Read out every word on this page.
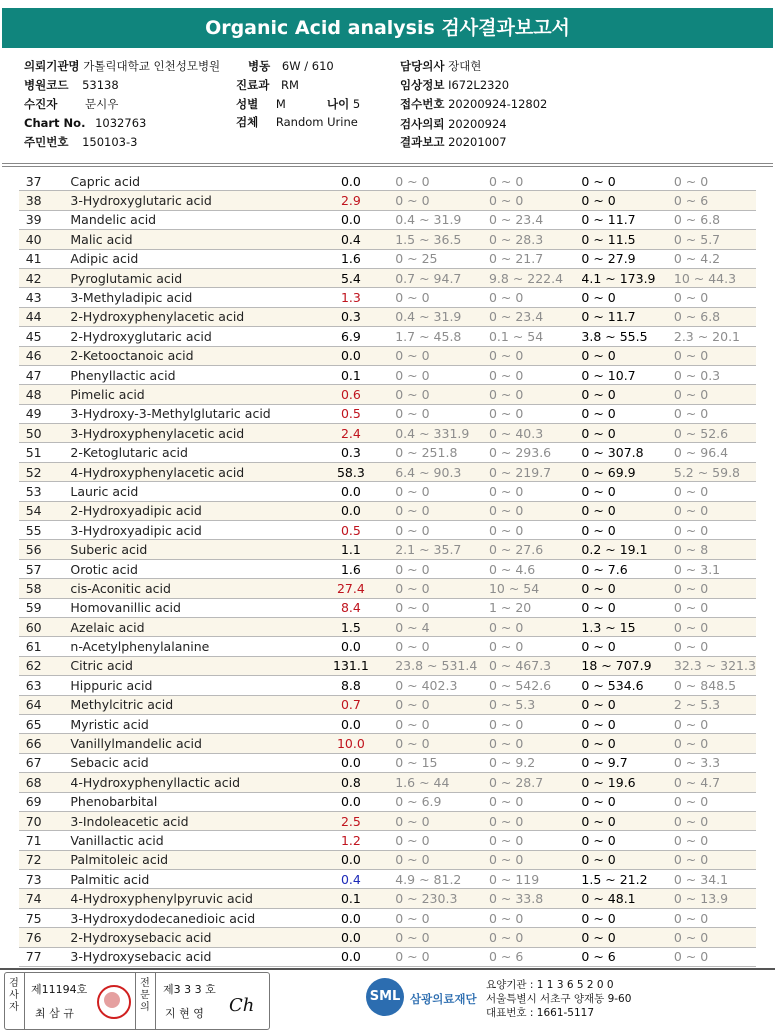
Organic Acid analysis 검사결과보고서
의뢰기관명 가톨릭대학교 인천성모병원 병동 6W / 610	담당의사 장대현
병원코드 53138	진료과 RM	임상정보 I672L2320
수진자 문시우	성별 M	나이 5	접수번호 20200924-12802
Chart No. 1032763	검체 Random Urine	검사의뢰 20200924
주민번호 150103-3	결과보고 20201007
37	Capric acid	0.0	0 ~ 0	0 ~ 0	0 ~ 0	0 ~ 0
38	3-Hydroxyglutaric acid	2.9	0 ~ 0	0 ~ 0	0 ~ 0	0 ~ 6
39	Mandelic acid	0.0	0.4 ~ 31.9	0 ~ 23.4	0 ~ 11.7	0 ~ 6.8
40	Malic acid	0.4	1.5 ~ 36.5	0 ~ 28.3	0 ~ 11.5	0 ~ 5.7
41	Adipic acid	1.6	0 ~ 25	0 ~ 21.7	0 ~ 27.9	0 ~ 4.2
42	Pyroglutamic acid	5.4	0.7 ~ 94.7	9.8 ~ 222.4	4.1 ~ 173.9	10 ~ 44.3
43	3-Methyladipic acid	1.3	0 ~ 0	0 ~ 0	0 ~ 0	0 ~ 0
44	2-Hydroxyphenylacetic acid	0.3	0.4 ~ 31.9	0 ~ 23.4	0 ~ 11.7	0 ~ 6.8
45	2-Hydroxyglutaric acid	6.9	1.7 ~ 45.8	0.1 ~ 54	3.8 ~ 55.5	2.3 ~ 20.1
46	2-Ketooctanoic acid	0.0	0 ~ 0	0 ~ 0	0 ~ 0	0 ~ 0
47	Phenyllactic acid	0.1	0 ~ 0	0 ~ 0	0 ~ 10.7	0 ~ 0.3
48	Pimelic acid	0.6	0 ~ 0	0 ~ 0	0 ~ 0	0 ~ 0
49	3-Hydroxy-3-Methylglutaric acid	0.5	0 ~ 0	0 ~ 0	0 ~ 0	0 ~ 0
50	3-Hydroxyphenylacetic acid	2.4	0.4 ~ 331.9	0 ~ 40.3	0 ~ 0	0 ~ 52.6
51	2-Ketoglutaric acid	0.3	0 ~ 251.8	0 ~ 293.6	0 ~ 307.8	0 ~ 96.4
52	4-Hydroxyphenylacetic acid	58.3	6.4 ~ 90.3	0 ~ 219.7	0 ~ 69.9	5.2 ~ 59.8
53	Lauric acid	0.0	0 ~ 0	0 ~ 0	0 ~ 0	0 ~ 0
54	2-Hydroxyadipic acid	0.0	0 ~ 0	0 ~ 0	0 ~ 0	0 ~ 0
55	3-Hydroxyadipic acid	0.5	0 ~ 0	0 ~ 0	0 ~ 0	0 ~ 0
56	Suberic acid	1.1	2.1 ~ 35.7	0 ~ 27.6	0.2 ~ 19.1	0 ~ 8
57	Orotic acid	1.6	0 ~ 0	0 ~ 4.6	0 ~ 7.6	0 ~ 3.1
58	cis-Aconitic acid	27.4	0 ~ 0	10 ~ 54	0 ~ 0	0 ~ 0
59	Homovanillic acid	8.4	0 ~ 0	1 ~ 20	0 ~ 0	0 ~ 0
60	Azelaic acid	1.5	0 ~ 4	0 ~ 0	1.3 ~ 15	0 ~ 0
61	n-Acetylphenylalanine	0.0	0 ~ 0	0 ~ 0	0 ~ 0	0 ~ 0
62	Citric acid	131.1	23.8 ~ 531.4	0 ~ 467.3	18 ~ 707.9	32.3 ~ 321.3
63	Hippuric acid	8.8	0 ~ 402.3	0 ~ 542.6	0 ~ 534.6	0 ~ 848.5
64	Methylcitric acid	0.7	0 ~ 0	0 ~ 5.3	0 ~ 0	2 ~ 5.3
65	Myristic acid	0.0	0 ~ 0	0 ~ 0	0 ~ 0	0 ~ 0
66	Vanillylmandelic acid	10.0	0 ~ 0	0 ~ 0	0 ~ 0	0 ~ 0
67	Sebacic acid	0.0	0 ~ 15	0 ~ 9.2	0 ~ 9.7	0 ~ 3.3
68	4-Hydroxyphenyllactic acid	0.8	1.6 ~ 44	0 ~ 28.7	0 ~ 19.6	0 ~ 4.7
69	Phenobarbital	0.0	0 ~ 6.9	0 ~ 0	0 ~ 0	0 ~ 0
70	3-Indoleacetic acid	2.5	0 ~ 0	0 ~ 0	0 ~ 0	0 ~ 0
71	Vanillactic acid	1.2	0 ~ 0	0 ~ 0	0 ~ 0	0 ~ 0
72	Palmitoleic acid	0.0	0 ~ 0	0 ~ 0	0 ~ 0	0 ~ 0
73	Palmitic acid	0.4	4.9 ~ 81.2	0 ~ 119	1.5 ~ 21.2	0 ~ 34.1
74	4-Hydroxyphenylpyruvic acid	0.1	0 ~ 230.3	0 ~ 33.8	0 ~ 48.1	0 ~ 13.9
75	3-Hydroxydodecanedioic acid	0.0	0 ~ 0	0 ~ 0	0 ~ 0	0 ~ 0
76	2-Hydroxysebacic acid	0.0	0 ~ 0	0 ~ 0	0 ~ 0	0 ~ 0
77	3-Hydroxysebacic acid	0.0	0 ~ 0	0 ~ 6	0 ~ 6	0 ~ 0
검사자
제11194호
최 삼 규
전문의
제3 3 3 호
지 현 영 Ch	SML 삼광의료재단
요양기관 : 1 1 3 6 5 2 0 0
서울특별시 서초구 양재동 9-60
대표번호 : 1661-5117
